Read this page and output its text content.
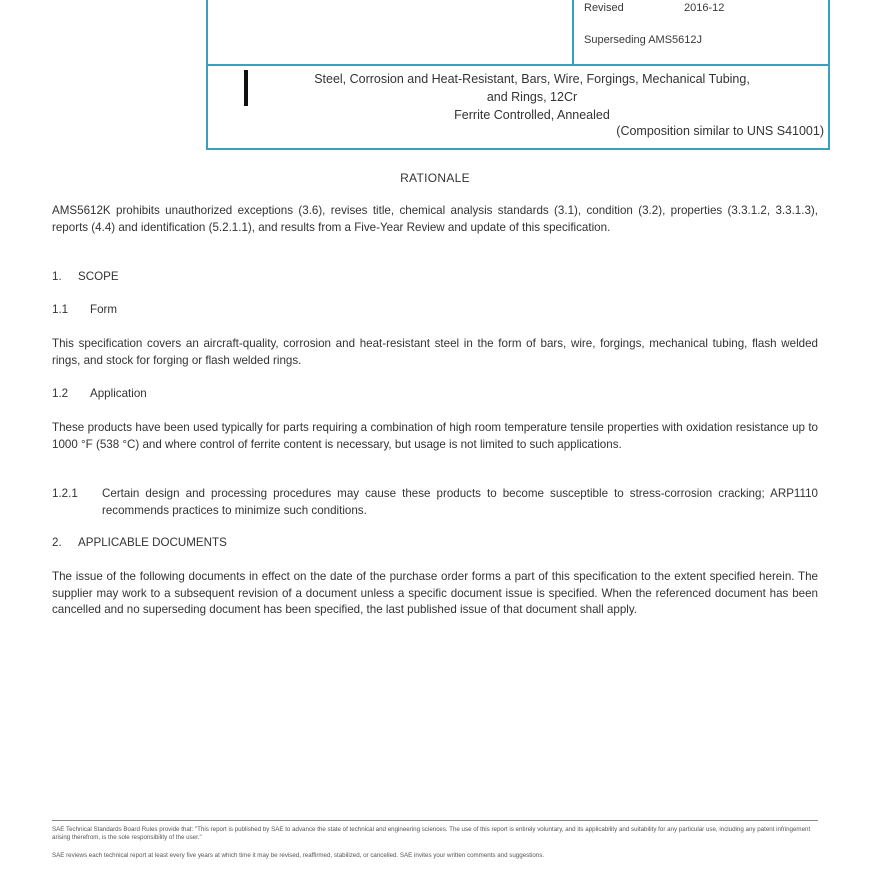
Revised	2016-12
Superseding AMS5612J
Steel, Corrosion and Heat-Resistant, Bars, Wire, Forgings, Mechanical Tubing,
and Rings, 12Cr
Ferrite Controlled, Annealed
(Composition similar to UNS S41001)
RATIONALE
AMS5612K prohibits unauthorized exceptions (3.6), revises title, chemical analysis standards (3.1), condition (3.2), properties (3.3.1.2, 3.3.1.3), reports (4.4) and identification (5.2.1.1), and results from a Five-Year Review and update of this specification.
1. SCOPE
1.1 Form
This specification covers an aircraft-quality, corrosion and heat-resistant steel in the form of bars, wire, forgings, mechanical tubing, flash welded rings, and stock for forging or flash welded rings.
1.2 Application
These products have been used typically for parts requiring a combination of high room temperature tensile properties with oxidation resistance up to 1000 °F (538 °C) and where control of ferrite content is necessary, but usage is not limited to such applications.
1.2.1 Certain design and processing procedures may cause these products to become susceptible to stress-corrosion cracking; ARP1110 recommends practices to minimize such conditions.
2. APPLICABLE DOCUMENTS
The issue of the following documents in effect on the date of the purchase order forms a part of this specification to the extent specified herein. The supplier may work to a subsequent revision of a document unless a specific document issue is specified. When the referenced document has been cancelled and no superseding document has been specified, the last published issue of that document shall apply.
SAE Technical Standards Board Rules provide that: "This report is published by SAE to advance the state of technical and engineering sciences. The use of this report is entirely voluntary, and its applicability and suitability for any particular use, including any patent infringement arising therefrom, is the sole responsibility of the user."
SAE reviews each technical report at least every five years at which time it may be revised, reaffirmed, stabilized, or cancelled. SAE invites your written comments and suggestions.
